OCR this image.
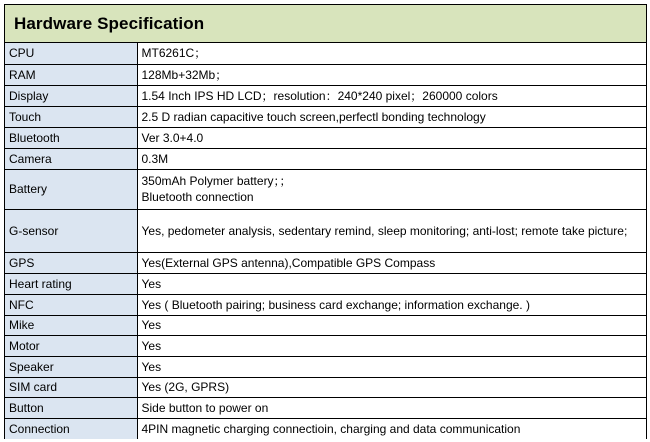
Hardware Specification
CPU	MT6261C；
RAM	128Mb+32Mb；
Display	1.54 Inch IPS HD LCD；resolution：240*240 pixel；260000 colors
Touch	2.5 D radian capacitive touch screen,perfectl bonding technology
Bluetooth	Ver 3.0+4.0
Camera	0.3M
Battery	350mAh Polymer battery；；
Bluetooth connection

G-sensor	Yes, pedometer analysis, sedentary remind, sleep monitoring; anti-lost; remote take picture;
GPS	Yes(External GPS antenna),Compatible GPS Compass
Heart rating	Yes
NFC	Yes ( Bluetooth pairing; business card exchange; information exchange. )
Mike	Yes
Motor	Yes
Speaker	Yes
SIM card	Yes (2G, GPRS)
Button	Side button to power on
Connection	4PIN magnetic charging connectioin, charging and data communication
